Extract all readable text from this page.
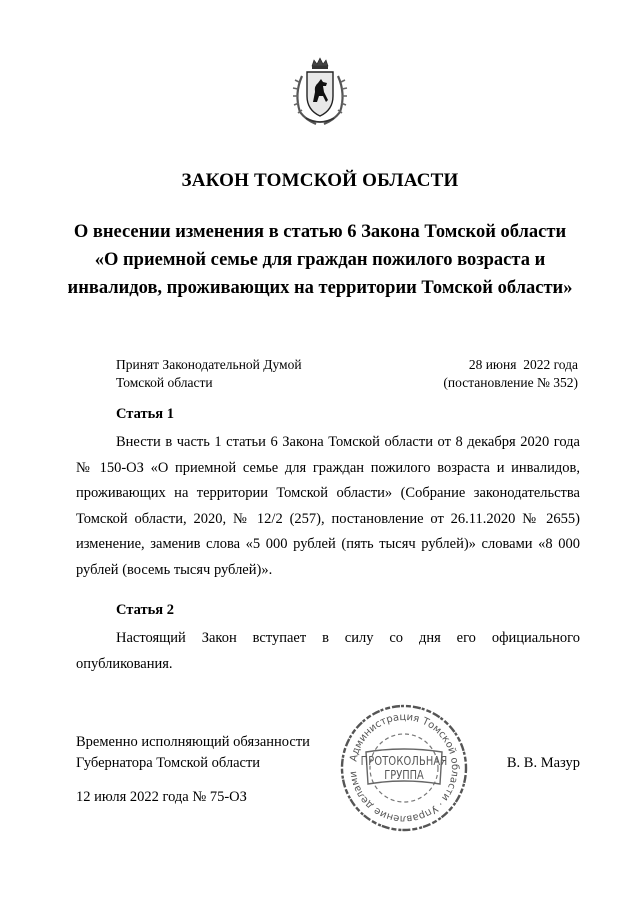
ЗАКОН ТОМСКОЙ ОБЛАСТИ
О внесении изменения в статью 6 Закона Томской области «О приемной семье для граждан пожилого возраста и инвалидов, проживающих на территории Томской области»
Принят Законодательной Думой
Томской области
28 июня  2022 года
(постановление № 352)
Статья 1
Внести в часть 1 статьи 6 Закона Томской области от 8 декабря 2020 года № 150-ОЗ «О приемной семье для граждан пожилого возраста и инвалидов, проживающих на территории Томской области» (Собрание законодательства Томской области, 2020, № 12/2 (257), постановление от 26.11.2020 № 2655) изменение, заменив слова «5 000 рублей (пять тысяч рублей)» словами «8 000 рублей (восемь тысяч рублей)».
Статья 2
Настоящий Закон вступает в силу со дня его официального опубликования.
Временно исполняющий обязанности
Губернатора Томской области	В. В. Мазур
12 июля 2022 года № 75-ОЗ
Администрация Томской области · Управление делами
ПРОТОКОЛЬНАЯ
ГРУППА
